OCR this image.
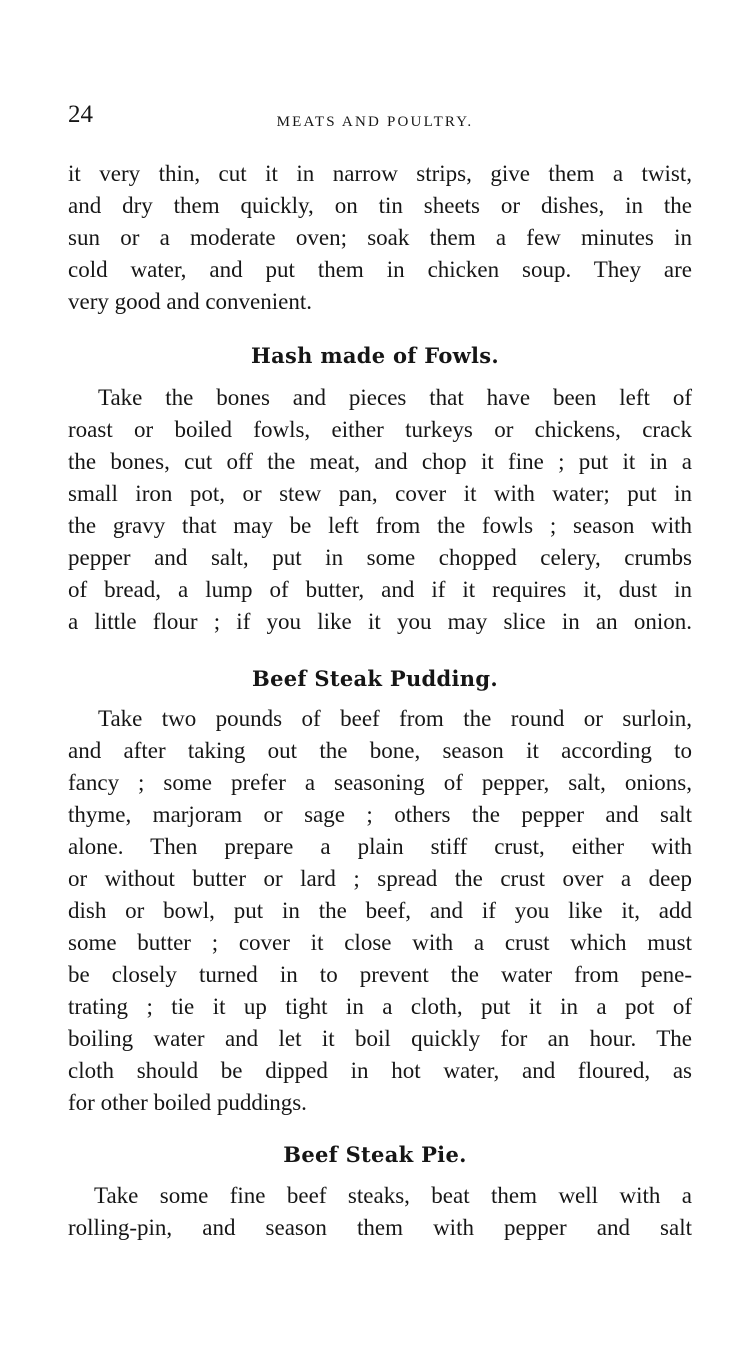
24	MEATS AND POULTRY.
it very thin, cut it in narrow strips, give them a twist,
and dry them quickly, on tin sheets or dishes, in the
sun or a moderate oven; soak them a few minutes in
cold water, and put them in chicken soup. They are
very good and convenient.
Hash made of Fowls.
Take the bones and pieces that have been left of
roast or boiled fowls, either turkeys or chickens, crack
the bones, cut off the meat, and chop it fine ; put it in a
small iron pot, or stew pan, cover it with water; put in
the gravy that may be left from the fowls ; season with
pepper and salt, put in some chopped celery, crumbs
of bread, a lump of butter, and if it requires it, dust in
a little flour ; if you like it you may slice in an onion.
Beef Steak Pudding.
Take two pounds of beef from the round or surloin,
and after taking out the bone, season it according to
fancy ; some prefer a seasoning of pepper, salt, onions,
thyme, marjoram or sage ; others the pepper and salt
alone. Then prepare a plain stiff crust, either with
or without butter or lard ; spread the crust over a deep
dish or bowl, put in the beef, and if you like it, add
some butter ; cover it close with a crust which must
be closely turned in to prevent the water from pene-
trating ; tie it up tight in a cloth, put it in a pot of
boiling water and let it boil quickly for an hour. The
cloth should be dipped in hot water, and floured, as
for other boiled puddings.
Beef Steak Pie.
Take some fine beef steaks, beat them well with a
rolling-pin, and season them with pepper and salt
